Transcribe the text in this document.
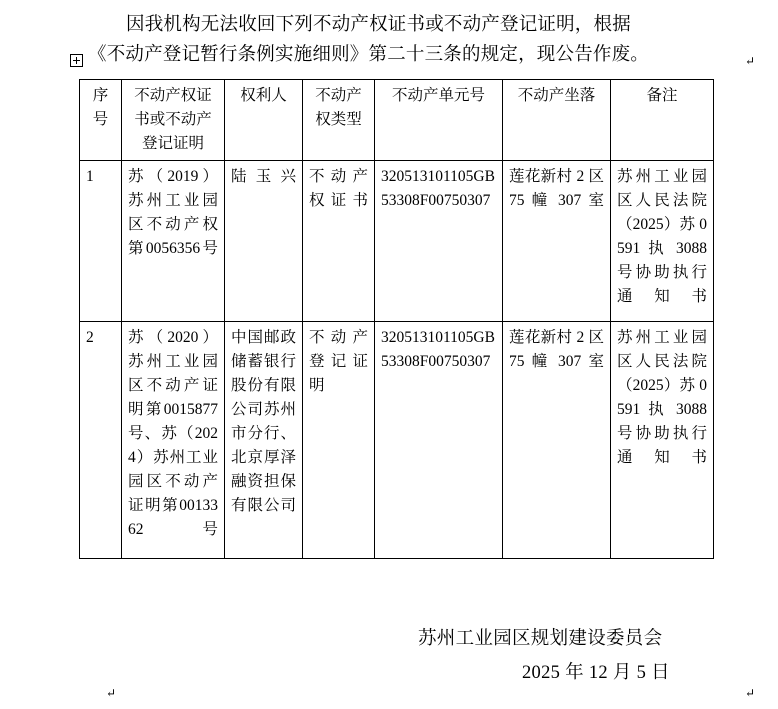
因我机构无法收回下列不动产权证书或不动产登记证明，根据
《不动产登记暂行条例实施细则》第二十三条的规定，现公告作废。	↵
序号	不动产权证书或不动产登记证明	权利人	不动产权类型	不动产单元号	不动产坐落	备注
1	苏（2019）苏州工业园区不动产权第0056356号	陆玉兴	不动产权证书	320513101105GB53308F00750307	莲花新村 2 区 75 幢 307 室	苏州工业园区人民法院（2025）苏 0591 执 3088 号协助执行通知书
2	苏（2020）苏州工业园区不动产证明第0015877号、苏（2024）苏州工业园区不动产证明第0013362号	中国邮政储蓄银行股份有限公司苏州市分行、北京厚泽融资担保有限公司	不动产登记证明	320513101105GB53308F00750307	莲花新村 2 区 75 幢 307 室	苏州工业园区人民法院（2025）苏 0591 执 3088 号协助执行通知书
苏州工业园区规划建设委员会
2025 年 12 月 5 日
↵	↵
